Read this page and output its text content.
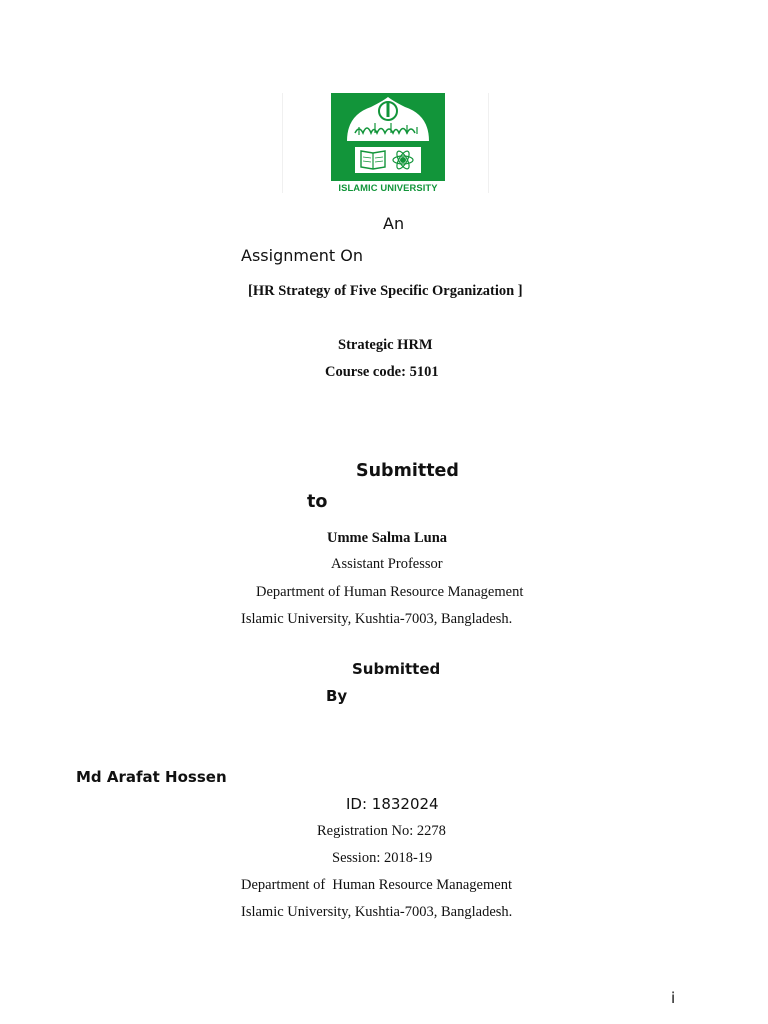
ISLAMIC UNIVERSITY
An
Assignment On
[HR Strategy of Five Specific Organization ]
Strategic HRM
Course code: 5101
Submitted
to
Umme Salma Luna
Assistant Professor
Department of Human Resource Management
Islamic University, Kushtia-7003, Bangladesh.
Submitted
By
Md Arafat Hossen
ID: 1832024
Registration No: 2278
Session: 2018-19
Department of  Human Resource Management
Islamic University, Kushtia-7003, Bangladesh.
i
